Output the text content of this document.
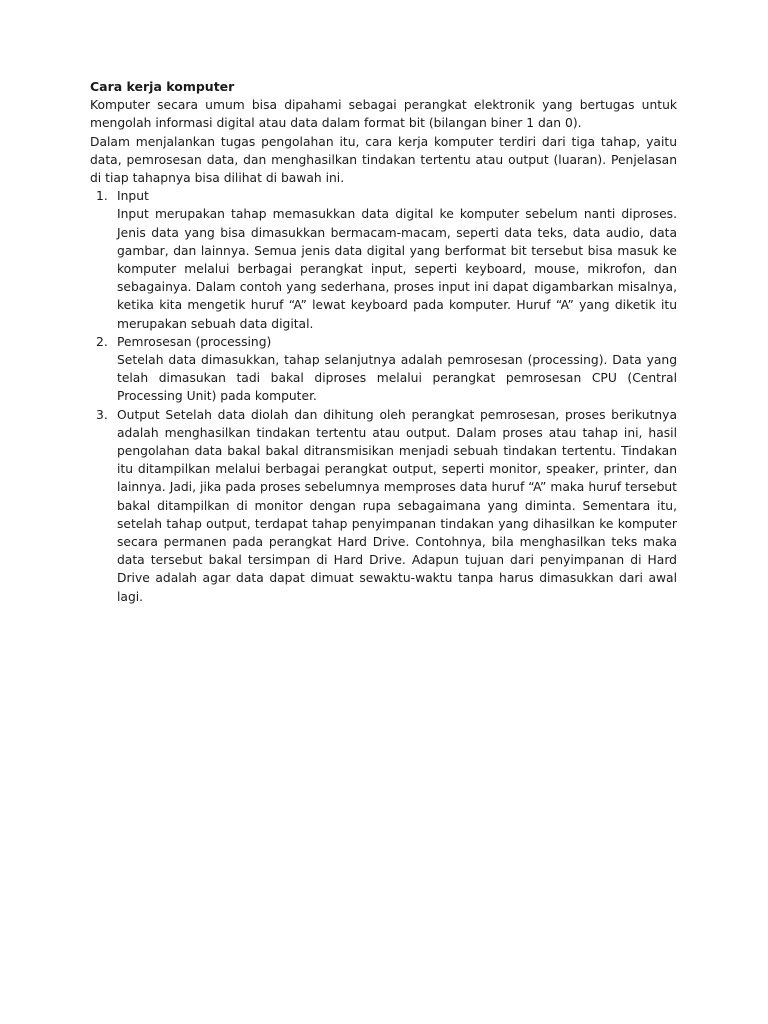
Cara kerja komputer

Komputer secara umum bisa dipahami sebagai perangkat elektronik yang bertugas untuk mengolah informasi digital atau data dalam format bit (bilangan biner 1 dan 0).

Dalam menjalankan tugas pengolahan itu, cara kerja komputer terdiri dari tiga tahap, yaitu data, pemrosesan data, dan menghasilkan tindakan tertentu atau output (luaran). Penjelasan di tiap tahapnya bisa dilihat di bawah ini.

1. Input

Input merupakan tahap memasukkan data digital ke komputer sebelum nanti diproses. Jenis data yang bisa dimasukkan bermacam-macam, seperti data teks, data audio, data gambar, dan lainnya. Semua jenis data digital yang berformat bit tersebut bisa masuk ke komputer melalui berbagai perangkat input, seperti keyboard, mouse, mikrofon, dan sebagainya. Dalam contoh yang sederhana, proses input ini dapat digambarkan misalnya, ketika kita mengetik huruf “A” lewat keyboard pada komputer. Huruf “A” yang diketik itu merupakan sebuah data digital.

2. Pemrosesan (processing)

Setelah data dimasukkan, tahap selanjutnya adalah pemrosesan (processing). Data yang telah dimasukan tadi bakal diproses melalui perangkat pemrosesan CPU (Central Processing Unit) pada komputer.

3. Output Setelah data diolah dan dihitung oleh perangkat pemrosesan, proses berikutnya adalah menghasilkan tindakan tertentu atau output. Dalam proses atau tahap ini, hasil pengolahan data bakal bakal ditransmisikan menjadi sebuah tindakan tertentu. Tindakan itu ditampilkan melalui berbagai perangkat output, seperti monitor, speaker, printer, dan lainnya. Jadi, jika pada proses sebelumnya memproses data huruf “A” maka huruf tersebut bakal ditampilkan di monitor dengan rupa sebagaimana yang diminta. Sementara itu, setelah tahap output, terdapat tahap penyimpanan tindakan yang dihasilkan ke komputer secara permanen pada perangkat Hard Drive. Contohnya, bila menghasilkan teks maka data tersebut bakal tersimpan di Hard Drive. Adapun tujuan dari penyimpanan di Hard Drive adalah agar data dapat dimuat sewaktu-waktu tanpa harus dimasukkan dari awal lagi.
